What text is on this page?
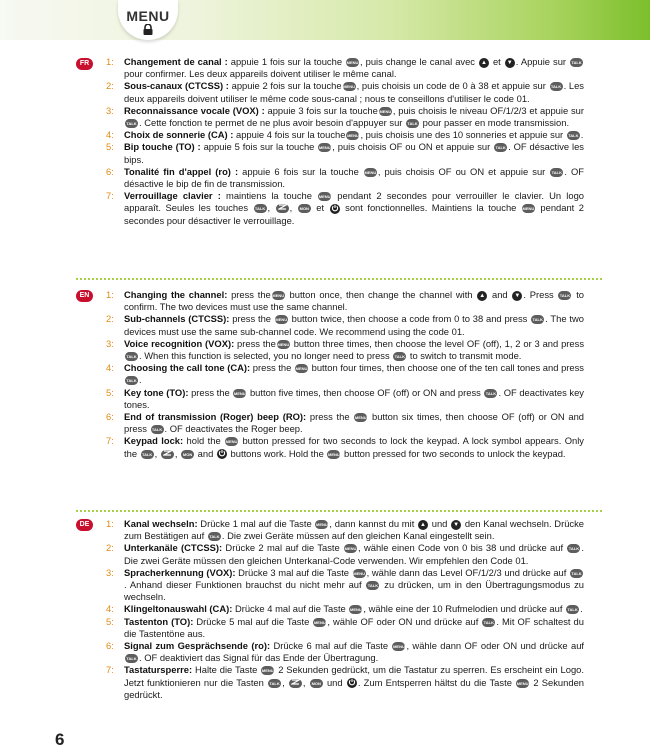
MENU
FR	1:	Changement de canal : appuie 1 fois sur la touche MENU , puis change le canal avec ▲ et ▼ . Appuie sur TALK pour confirmer. Les deux appareils doivent utiliser le même canal.
2:	Sous-canaux (CTCSS) : appuie 2 fois sur la touche MENU , puis choisis un code de 0 à 38 et appuie sur TALK . Les deux appareils doivent utiliser le même code sous-canal ; nous te conseillons d'utiliser le code 01.
3:	Reconnaissance vocale (VOX) : appuie 3 fois sur la touche MENU , puis choisis le niveau OF/1/2/3 et appuie sur TALK . Cette fonction te permet de ne plus avoir besoin d'appuyer sur TALK pour passer en mode transmission.
4:	Choix de sonnerie (CA) : appuie 4 fois sur la touche MENU , puis choisis une des 10 sonneries et appuie sur TALK .
5:	Bip touche (TO) : appuie 5 fois sur la touche MENU , puis choisis OF ou ON et appuie sur TALK . OF désactive les bips.
6:	Tonalité fin d'appel (ro) : appuie 6 fois sur la touche MENU , puis choisis OF ou ON et appuie sur TALK . OF désactive le bip de fin de transmission.
7:	Verrouillage clavier : maintiens la touche MENU pendant 2 secondes pour verrouiller le clavier. Un logo apparaît. Seules les touches TALK , , MON et  sont fonctionnelles. Maintiens la touche MENU pendant 2 secondes pour désactiver le verrouillage.
EN	1:	Changing the channel: press the MENU button once, then change the channel with ▲ and ▼ . Press TALK to confirm. The two devices must use the same channel.
2:	Sub-channels (CTCSS): press the MENU button twice, then choose a code from 0 to 38 and press TALK . The two devices must use the same sub-channel code. We recommend using the code 01.
3:	Voice recognition (VOX): press the MENU button three times, then choose the level OF (off), 1, 2 or 3 and press TALK . When this function is selected, you no longer need to press TALK to switch to transmit mode.
4:	Choosing the call tone (CA): press the MENU button four times, then choose one of the ten call tones and press TALK .
5:	Key tone (TO): press the MENU button five times, then choose OF (off) or ON and press TALK . OF deactivates key tones.
6:	End of transmission (Roger) beep (RO): press the MENU button six times, then choose OF (off) or ON and press TALK . OF deactivates the Roger beep.
7:	Keypad lock: hold the MENU button pressed for two seconds to lock the keypad. A lock symbol appears. Only the TALK , , MON and  buttons work. Hold the MENU button pressed for two seconds to unlock the keypad.
DE	1:	Kanal wechseln: Drücke 1 mal auf die Taste MENU , dann kannst du mit ▲ und ▼ den Kanal wechseln. Drücke zum Bestätigen auf TALK . Die zwei Geräte müssen auf den gleichen Kanal eingestellt sein.
2:	Unterkanäle (CTCSS): Drücke 2 mal auf die Taste MENU , wähle einen Code von 0 bis 38 und drücke auf TALK . Die zwei Geräte müssen den gleichen Unterkanal-Code verwenden. Wir empfehlen den Code 01.
3:	Spracherkennung (VOX): Drücke 3 mal auf die Taste MENU , wähle dann das Level OF/1/2/3 und drücke auf TALK. Anhand dieser Funktionen brauchst du nicht mehr auf TALK zu drücken, um in den Übertragungsmodus zu wechseln.
4:	Klingeltonauswahl (CA): Drücke 4 mal auf die Taste MENU , wähle eine der 10 Rufmelodien und drücke auf TALK .
5:	Tastenton (TO): Drücke 5 mal auf die Taste MENU , wähle OF oder ON und drücke auf TALK . Mit OF schaltest du die Tastentöne aus.
6:	Signal zum Gesprächsende (ro): Drücke 6 mal auf die Taste MENU , wähle dann OF oder ON und drücke auf TALK . OF deaktiviert das Signal für das Ende der Übertragung.
7:	Tastatursperre: Halte die Taste MENU 2 Sekunden gedrückt, um die Tastatur zu sperren. Es erscheint ein Logo. Jetzt funktionieren nur die Tasten TALK , , MON und . Zum Entsperren hältst du die Taste MENU 2 Sekunden gedrückt.
6
